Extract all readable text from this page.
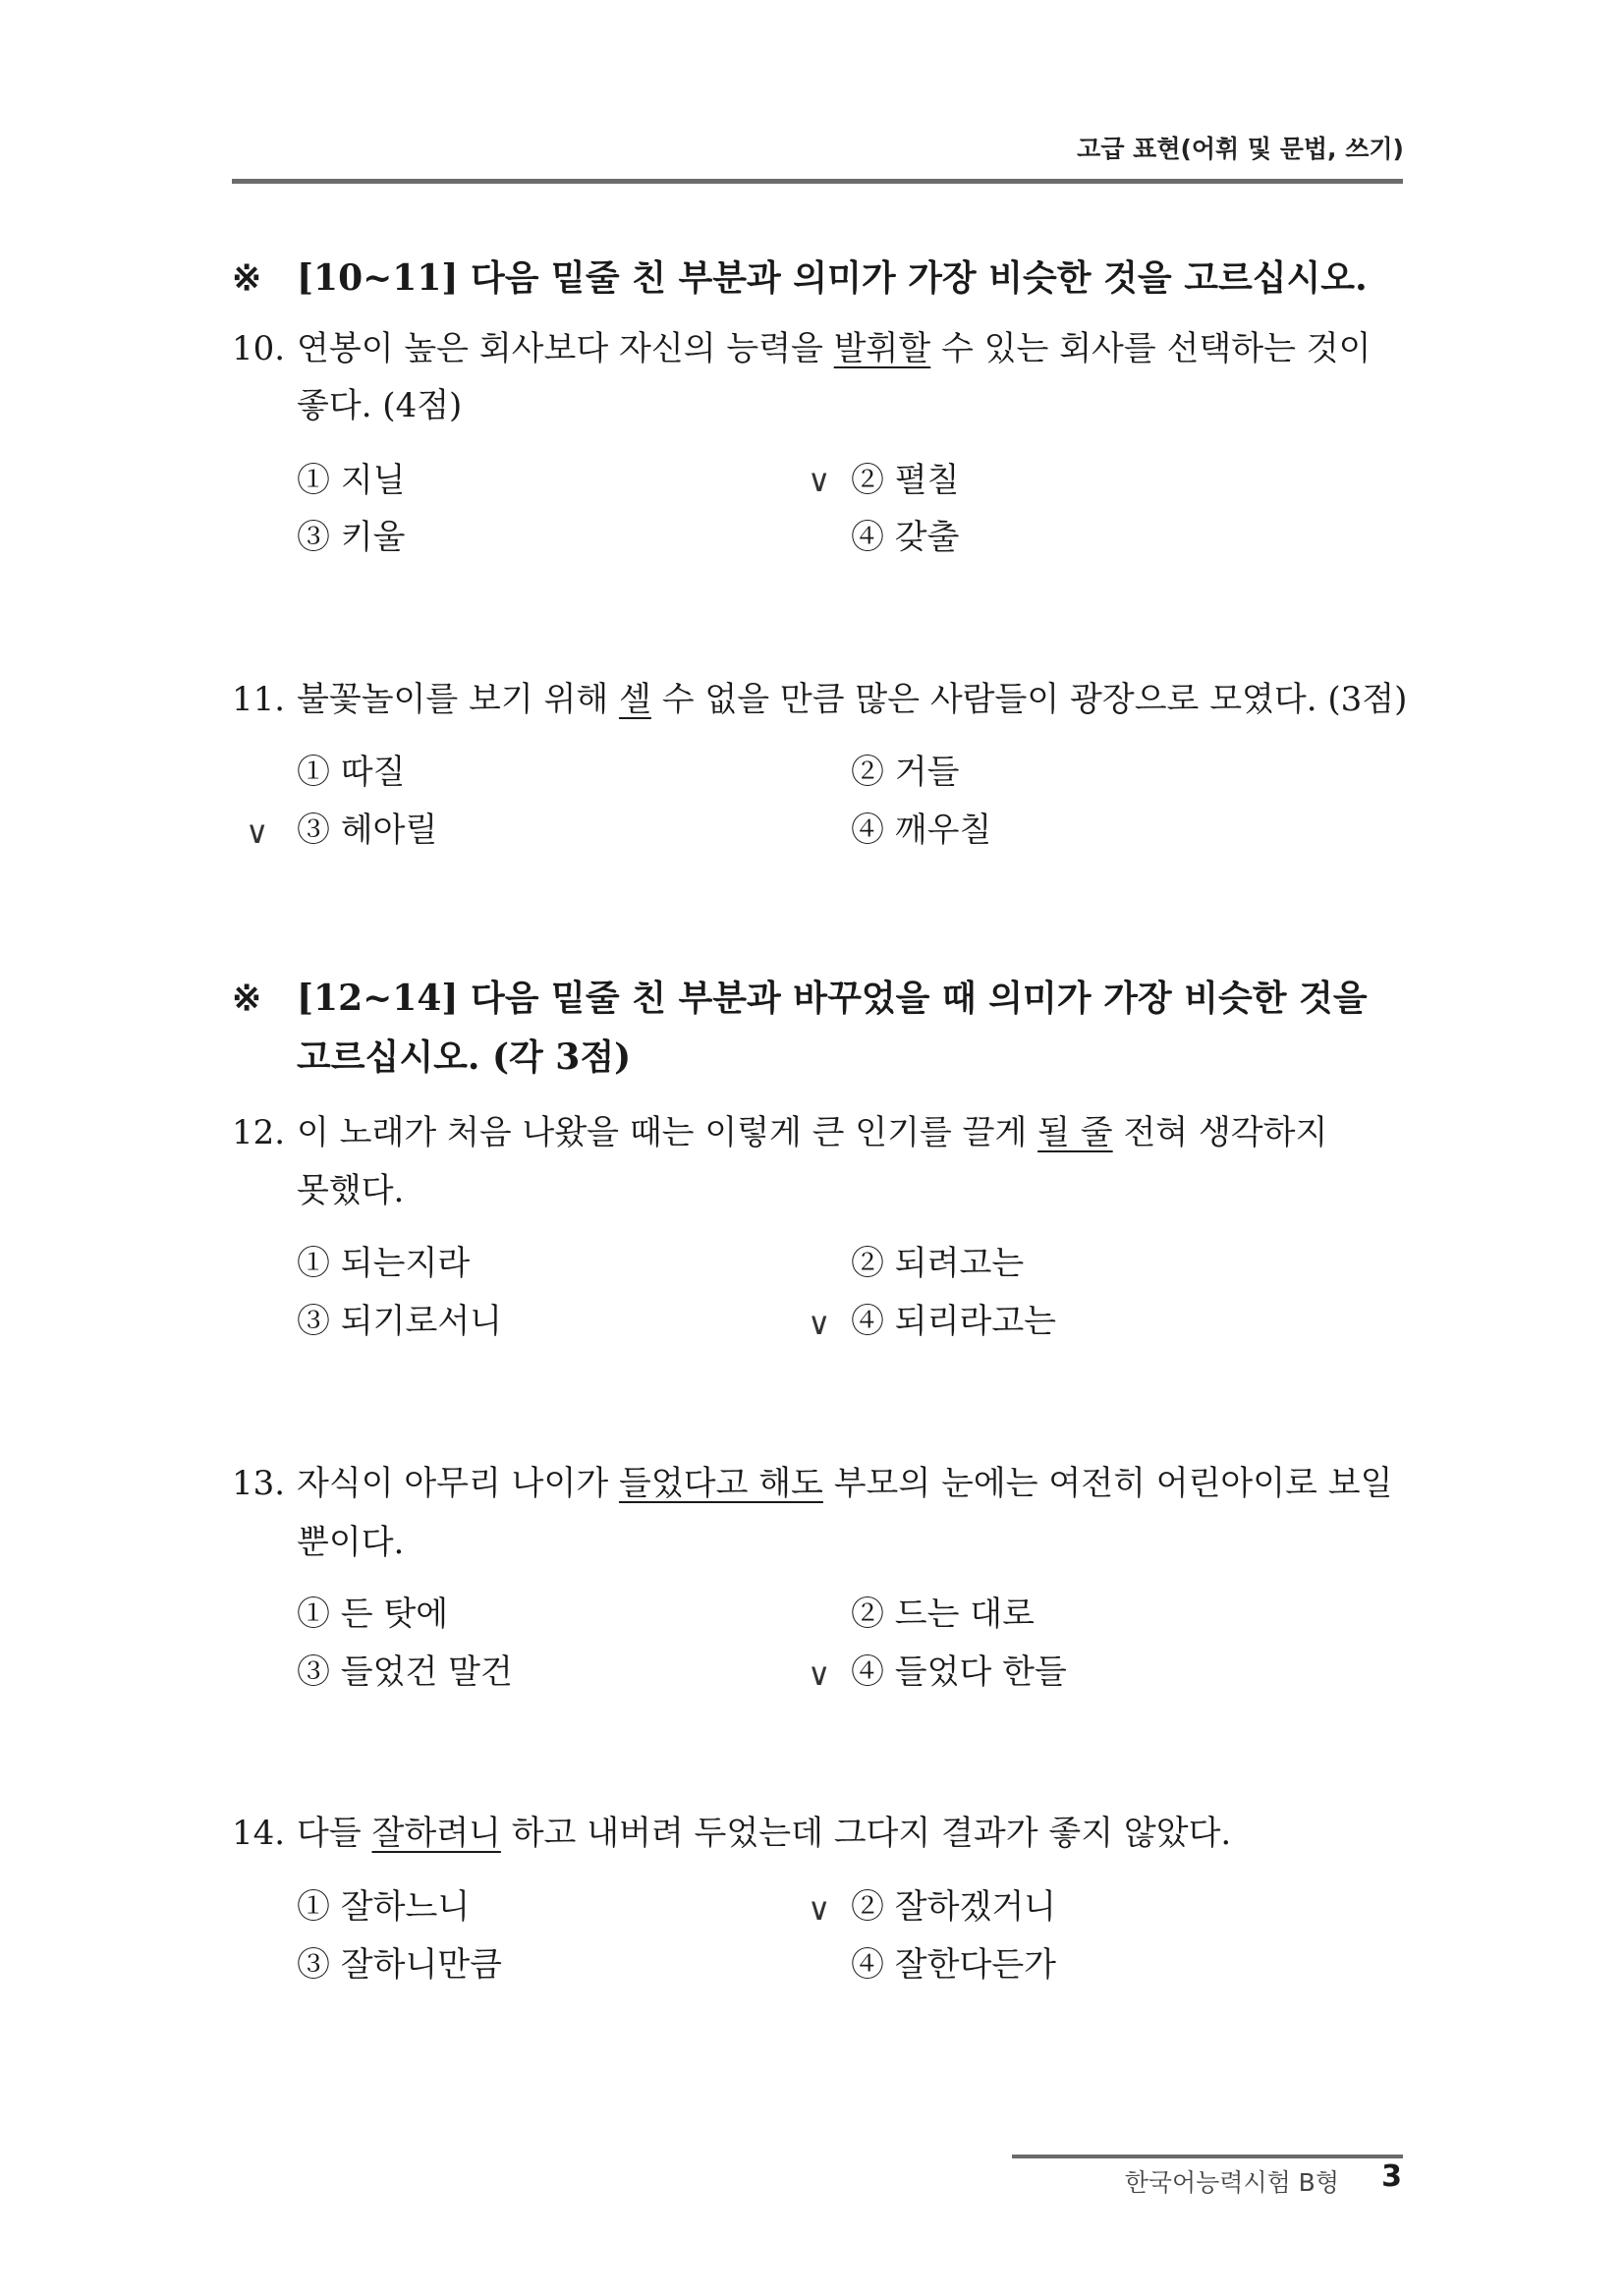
고급 표현(어휘 및 문법, 쓰기)
※ [10~11] 다음 밑줄 친 부분과 의미가 가장 비슷한 것을 고르십시오.
10. 연봉이 높은 회사보다 자신의 능력을 발휘할 수 있는 회사를 선택하는 것이
좋다. (4점)
① 지닐	∨ ② 펼칠
③ 키울	④ 갖출
11. 불꽃놀이를 보기 위해 셀 수 없을 만큼 많은 사람들이 광장으로 모였다. (3점)
① 따질	② 거들
∨ ③ 헤아릴	④ 깨우칠
※ [12~14] 다음 밑줄 친 부분과 바꾸었을 때 의미가 가장 비슷한 것을
고르십시오. (각 3점)
12. 이 노래가 처음 나왔을 때는 이렇게 큰 인기를 끌게 될 줄 전혀 생각하지
못했다.
① 되는지라	② 되려고는
③ 되기로서니	∨ ④ 되리라고는
13. 자식이 아무리 나이가 들었다고 해도 부모의 눈에는 여전히 어린아이로 보일
뿐이다.
① 든 탓에	② 드는 대로
③ 들었건 말건	∨ ④ 들었다 한들
14. 다들 잘하려니 하고 내버려 두었는데 그다지 결과가 좋지 않았다.
① 잘하느니	∨ ② 잘하겠거니
③ 잘하니만큼	④ 잘한다든가
한국어능력시험 B형 3
